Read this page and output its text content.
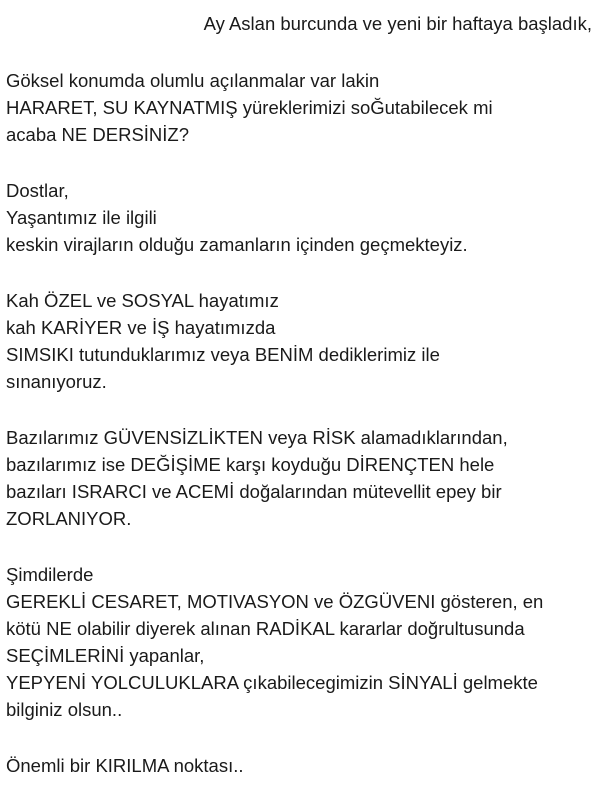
Ay Aslan burcunda ve yeni bir haftaya başladık,

Göksel konumda olumlu açılanmalar var lakin
HARARET, SU KAYNATMIŞ yüreklerimizi soĞutabilecek mi
acaba NE DERSİNİZ?

Dostlar,
Yaşantımız ile ilgili
keskin virajların olduğu zamanların içinden geçmekteyiz.

Kah ÖZEL ve SOSYAL hayatımız
kah KARİYER ve İŞ hayatımızda
SIMSIKI tutunduklarımız veya BENİM dediklerimiz ile
sınanıyoruz.

Bazılarımız GÜVENSİZLİKTEN veya RİSK alamadıklarından,
bazılarımız ise DEĞİŞİME karşı koyduğu DİRENÇTEN hele
bazıları ISRARCI ve ACEMİ doğalarından mütevellit epey bir
ZORLANIYOR.

Şimdilerde
GEREKLİ CESARET, MOTIVASYON ve ÖZGÜVENI gösteren, en
kötü NE olabilir diyerek alınan RADİKAL kararlar doğrultusunda
SEÇİMLERİNİ yapanlar,
YEPYENİ YOLCULUKLARA çıkabilecegimizin SİNYALİ gelmekte
bilginiz olsun..

Önemli bir KIRILMA noktası..
